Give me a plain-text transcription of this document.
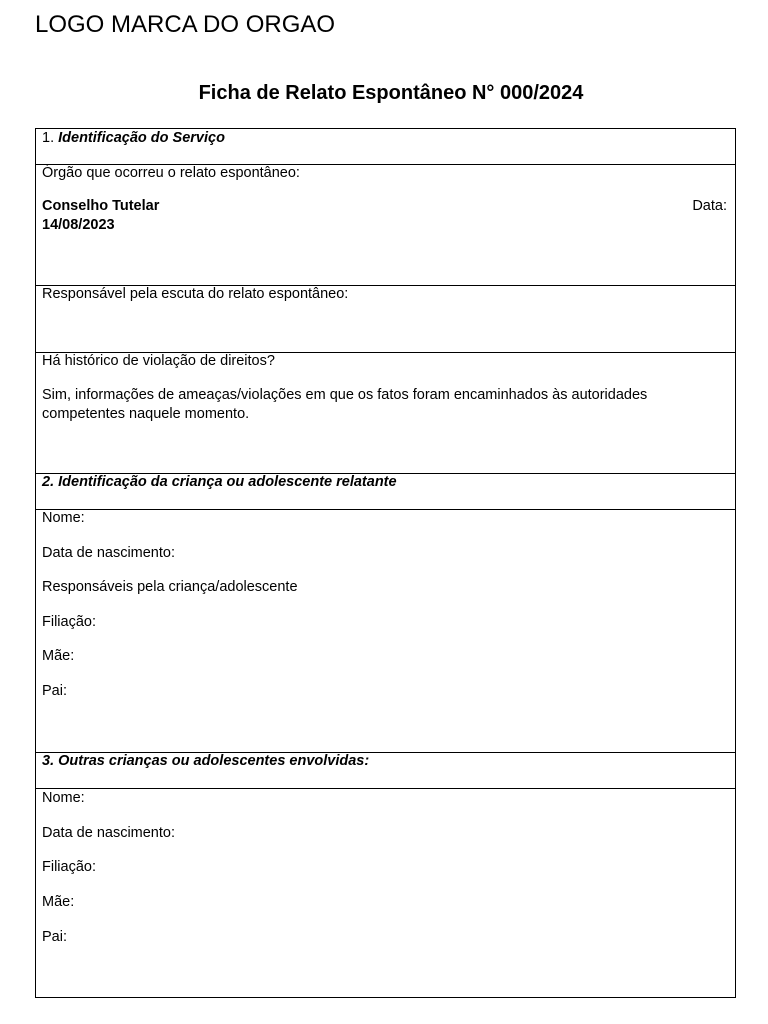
LOGO MARCA DO ORGAO
Ficha de Relato Espontâneo N° 000/2024
1. Identificação do Serviço
Órgão que ocorreu o relato espontâneo:
Conselho Tutelar	Data:
14/08/2023
Responsável pela escuta do relato espontâneo:
Há histórico de violação de direitos?
Sim, informações de ameaças/violações em que os fatos foram encaminhados às autoridades competentes naquele momento.
2. Identificação da criança ou adolescente relatante
Nome:
Data de nascimento:
Responsáveis pela criança/adolescente
Filiação:
Mãe:
Pai:
3. Outras crianças ou adolescentes envolvidas:
Nome:
Data de nascimento:
Filiação:
Mãe:
Pai:
